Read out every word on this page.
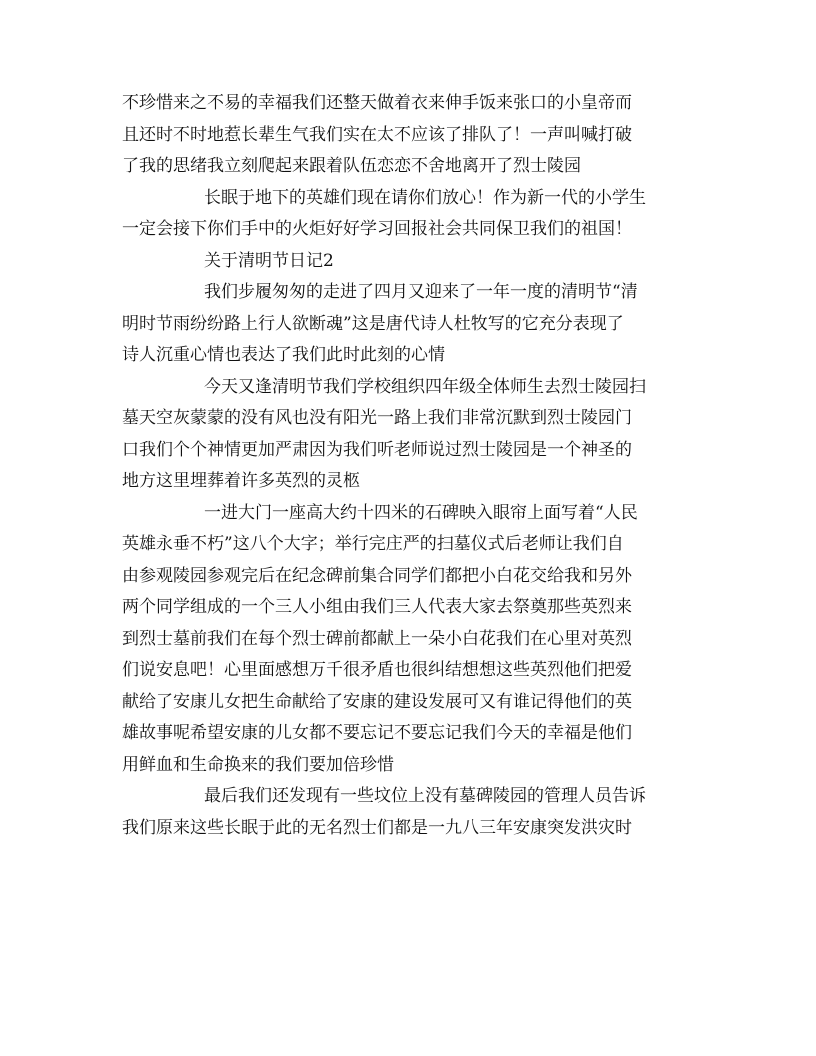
不珍惜来之不易的幸福我们还整天做着衣来伸手饭来张口的小皇帝而
且还时不时地惹长辈生气我们实在太不应该了排队了！一声叫喊打破
了我的思绪我立刻爬起来跟着队伍恋恋不舍地离开了烈士陵园
长眠于地下的英雄们现在请你们放心！作为新一代的小学生
一定会接下你们手中的火炬好好学习回报社会共同保卫我们的祖国！
关于清明节日记2
我们步履匆匆的走进了四月又迎来了一年一度的清明节“清
明时节雨纷纷路上行人欲断魂”这是唐代诗人杜牧写的它充分表现了
诗人沉重心情也表达了我们此时此刻的心情
今天又逢清明节我们学校组织四年级全体师生去烈士陵园扫
墓天空灰蒙蒙的没有风也没有阳光一路上我们非常沉默到烈士陵园门
口我们个个神情更加严肃因为我们听老师说过烈士陵园是一个神圣的
地方这里埋葬着许多英烈的灵柩
一进大门一座高大约十四米的石碑映入眼帘上面写着“人民
英雄永垂不朽”这八个大字；举行完庄严的扫墓仪式后老师让我们自
由参观陵园参观完后在纪念碑前集合同学们都把小白花交给我和另外
两个同学组成的一个三人小组由我们三人代表大家去祭奠那些英烈来
到烈士墓前我们在每个烈士碑前都献上一朵小白花我们在心里对英烈
们说安息吧！心里面感想万千很矛盾也很纠结想想这些英烈他们把爱
献给了安康儿女把生命献给了安康的建设发展可又有谁记得他们的英
雄故事呢希望安康的儿女都不要忘记不要忘记我们今天的幸福是他们
用鲜血和生命换来的我们要加倍珍惜
最后我们还发现有一些坟位上没有墓碑陵园的管理人员告诉
我们原来这些长眠于此的无名烈士们都是一九八三年安康突发洪灾时
